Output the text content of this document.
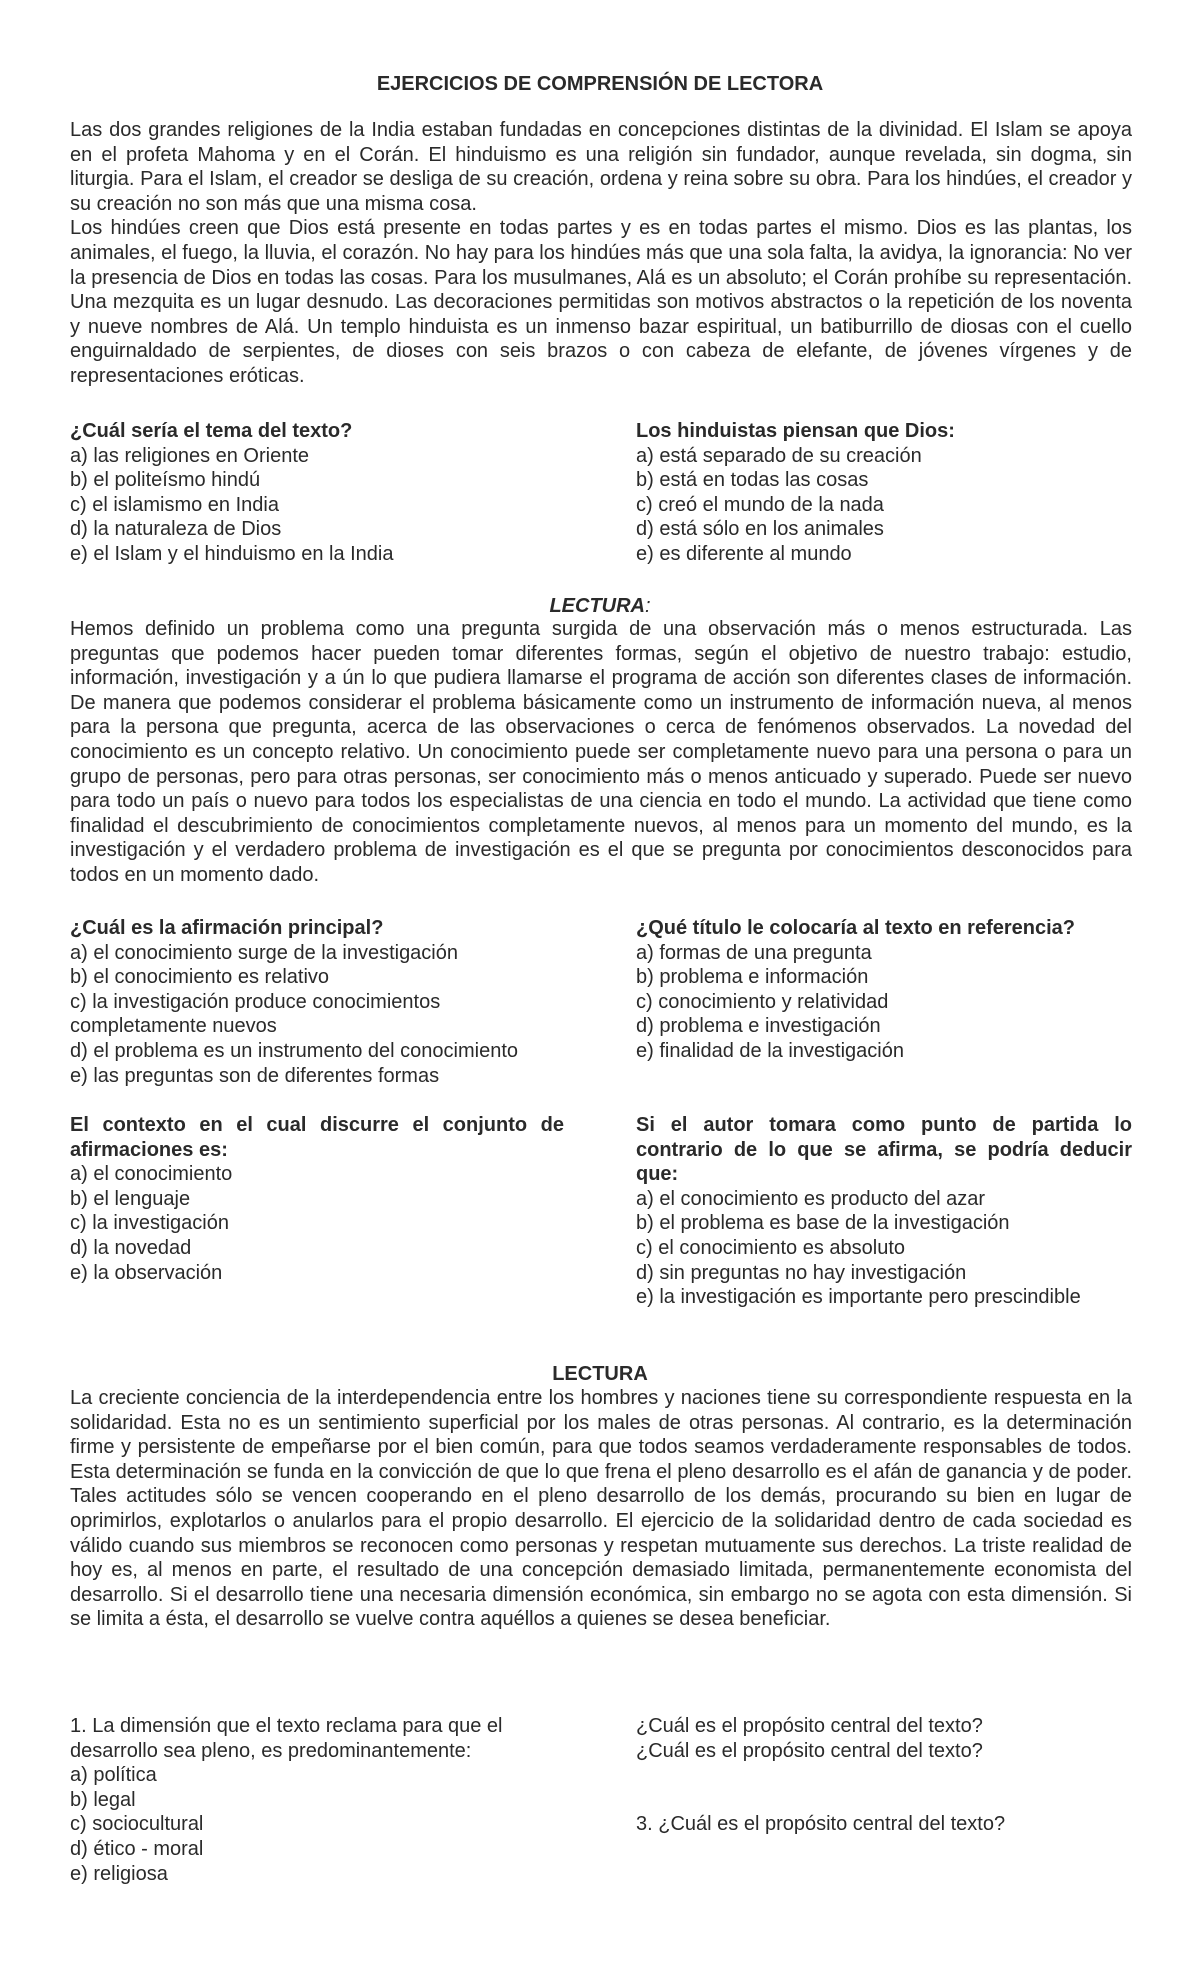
EJERCICIOS DE COMPRENSIÓN DE LECTORA

Las dos grandes religiones de la India estaban fundadas en concepciones distintas de la divinidad. El Islam se apoya en el profeta Mahoma y en el Corán. El hinduismo es una religión sin fundador, aunque revelada, sin dogma, sin liturgia. Para el Islam, el creador se desliga de su creación, ordena y reina sobre su obra. Para los hindúes, el creador y su creación no son más que una misma cosa.

Los hindúes creen que Dios está presente en todas partes y es en todas partes el mismo. Dios es las plantas, los animales, el fuego, la lluvia, el corazón. No hay para los hindúes más que una sola falta, la avidya, la ignorancia: No ver la presencia de Dios en todas las cosas. Para los musulmanes, Alá es un absoluto; el Corán prohíbe su representación. Una mezquita es un lugar desnudo. Las decoraciones permitidas son motivos abstractos o la repetición de los noventa y nueve nombres de Alá. Un templo hinduista es un inmenso bazar espiritual, un batiburrillo de diosas con el cuello enguirnaldado de serpientes, de dioses con seis brazos o con cabeza de elefante, de jóvenes vírgenes y de representaciones eróticas.

¿Cuál sería el tema del texto?
a) las religiones en Oriente
b) el politeísmo hindú
c) el islamismo en India
d) la naturaleza de Dios
e) el Islam y el hinduismo en la India
Los hinduistas piensan que Dios:
a) está separado de su creación
b) está en todas las cosas
c) creó el mundo de la nada
d) está sólo en los animales
e) es diferente al mundo
LECTURA:

Hemos definido un problema como una pregunta surgida de una observación más o menos estructurada. Las preguntas que podemos hacer pueden tomar diferentes formas, según el objetivo de nuestro trabajo: estudio, información, investigación y a ún lo que pudiera llamarse el programa de acción son diferentes clases de información. De manera que podemos considerar el problema básicamente como un instrumento de información nueva, al menos para la persona que pregunta, acerca de las observaciones o cerca de fenómenos observados. La novedad del conocimiento es un concepto relativo. Un conocimiento puede ser completamente nuevo para una persona o para un grupo de personas, pero para otras personas, ser conocimiento más o menos anticuado y superado. Puede ser nuevo para todo un país o nuevo para todos los especialistas de una ciencia en todo el mundo. La actividad que tiene como finalidad el descubrimiento de conocimientos completamente nuevos, al menos para un momento del mundo, es la investigación y el verdadero problema de investigación es el que se pregunta por conocimientos desconocidos para todos en un momento dado.

¿Cuál es la afirmación principal?
a) el conocimiento surge de la investigación
b) el conocimiento es relativo
c) la investigación produce conocimientos completamente nuevos
d) el problema es un instrumento del conocimiento
e) las preguntas son de diferentes formas
¿Qué título le colocaría al texto en referencia?
a) formas de una pregunta
b) problema e información
c) conocimiento y relatividad
d) problema e investigación
e) finalidad de la investigación
El contexto en el cual discurre el conjunto de afirmaciones es:
a) el conocimiento
b) el lenguaje
c) la investigación
d) la novedad
e) la observación
Si el autor tomara como punto de partida lo contrario de lo que se afirma, se podría deducir que:
a) el conocimiento es producto del azar
b) el problema es base de la investigación
c) el conocimiento es absoluto
d) sin preguntas no hay investigación
e) la investigación es importante pero prescindible
LECTURA

La creciente conciencia de la interdependencia entre los hombres y naciones tiene su correspondiente respuesta en la solidaridad. Esta no es un sentimiento superficial por los males de otras personas. Al contrario, es la determinación firme y persistente de empeñarse por el bien común, para que todos seamos verdaderamente responsables de todos. Esta determinación se funda en la convicción de que lo que frena el pleno desarrollo es el afán de ganancia y de poder. Tales actitudes sólo se vencen cooperando en el pleno desarrollo de los demás, procurando su bien en lugar de oprimirlos, explotarlos o anularlos para el propio desarrollo. El ejercicio de la solidaridad dentro de cada sociedad es válido cuando sus miembros se reconocen como personas y respetan mutuamente sus derechos. La triste realidad de hoy es, al menos en parte, el resultado de una concepción demasiado limitada, permanentemente economista del desarrollo. Si el desarrollo tiene una necesaria dimensión económica, sin embargo no se agota con esta dimensión. Si se limita a ésta, el desarrollo se vuelve contra aquéllos a quienes se desea beneficiar.

1. La dimensión que el texto reclama para que el desarrollo sea pleno, es predominantemente:
a) política
b) legal
c) sociocultural
d) ético - moral
e) religiosa
¿Cuál es el propósito central del texto?
¿Cuál es el propósito central del texto?
3. ¿Cuál es el propósito central del texto?
